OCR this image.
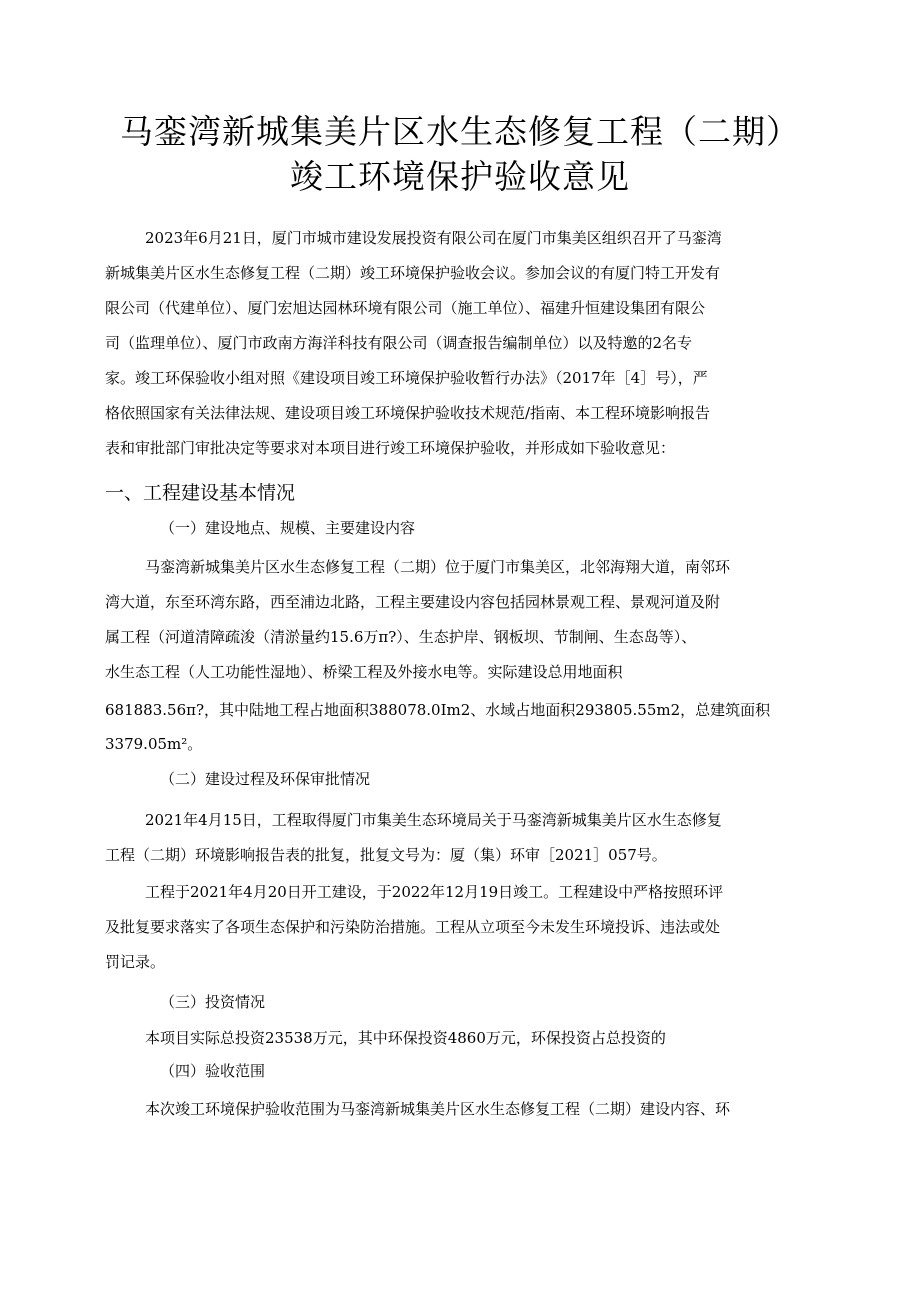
马銮湾新城集美片区水生态修复工程（二期）
竣工环境保护验收意见
2023年6月21日，厦门市城市建设发展投资有限公司在厦门市集美区组织召开了马銮湾
新城集美片区水生态修复工程（二期）竣工环境保护验收会议。参加会议的有厦门特工开发有
限公司（代建单位）、厦门宏旭达园林环境有限公司（施工单位）、福建升恒建设集团有限公
司（监理单位）、厦门市政南方海洋科技有限公司（调查报告编制单位）以及特邀的2名专
家。竣工环保验收小组对照《建设项目竣工环境保护验收暂行办法》（2017年［4］号），严
格依照国家有关法律法规、建设项目竣工环境保护验收技术规范/指南、本工程环境影响报告
表和审批部门审批决定等要求对本项目进行竣工环境保护验收，并形成如下验收意见：
一、工程建设基本情况
（一）建设地点、规模、主要建设内容
马銮湾新城集美片区水生态修复工程（二期）位于厦门市集美区，北邻海翔大道，南邻环
湾大道，东至环湾东路，西至浦边北路，工程主要建设内容包括园林景观工程、景观河道及附
属工程（河道清障疏浚（清淤量约15.6万π?）、生态护岸、钢板坝、节制闸、生态岛等）、
水生态工程（人工功能性湿地）、桥梁工程及外接水电等。实际建设总用地面积
681883.56π?，其中陆地工程占地面积388078.0Im2、水域占地面积293805.55m2，总建筑面积
3379.05m²。
（二）建设过程及环保审批情况
2021年4月15日，工程取得厦门市集美生态环境局关于马銮湾新城集美片区水生态修复
工程（二期）环境影响报告表的批复，批复文号为：厦（集）环审［2021］057号。
工程于2021年4月20日开工建设，于2022年12月19日竣工。工程建设中严格按照环评
及批复要求落实了各项生态保护和污染防治措施。工程从立项至今未发生环境投诉、违法或处
罚记录。
（三）投资情况
本项目实际总投资23538万元，其中环保投资4860万元，环保投资占总投资的
（四）验收范围
本次竣工环境保护验收范围为马銮湾新城集美片区水生态修复工程（二期）建设内容、环
